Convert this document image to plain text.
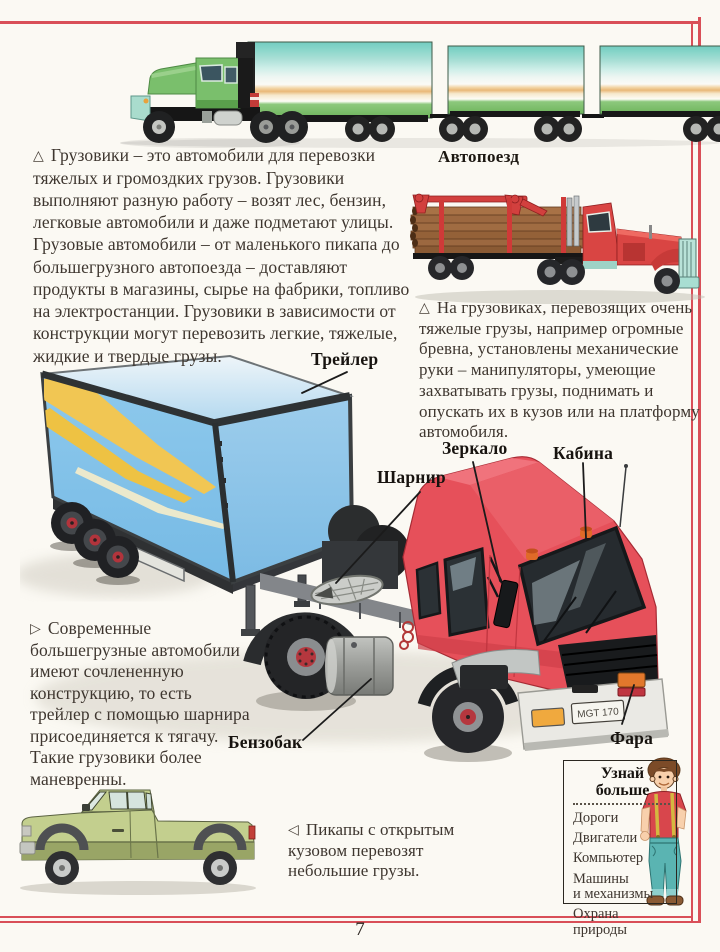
MGT 170
△ Грузовики – это автомобили для перевозки тяжелых и громоздких грузов. Грузовики выполняют разную работу – возят лес, бензин, легковые автомобили и даже подметают улицы. Грузовые автомобили – от маленького пикапа до большегрузного автопоезда – доставляют продукты в магазины, сырье на фабрики, топливо на электростанции. Грузовики в зависимости от конструкции могут перевозить легкие, тяжелые, жидкие и твердые грузы.
Автопоезд
△ На грузовиках, перевозящих очень тяжелые грузы, например огромные бревна, установлены механические руки – манипуляторы, умеющие захватывать грузы, поднимать и опускать их в кузов или на платформу автомобиля.
▷ Современные большегрузные автомобили имеют сочлененную конструкцию, то есть трейлер с помощью шарнира присоединяется к тягачу. Такие грузовики более маневренны.
◁ Пикапы с открытым кузовом перевозят небольшие грузы.
Трейлер
Шарнир
Зеркало	Кабина
Бензобак	Фара
Узнай больше
Дороги
Двигатели
Компьютер
Машины и механизмы
Охрана природы
7
